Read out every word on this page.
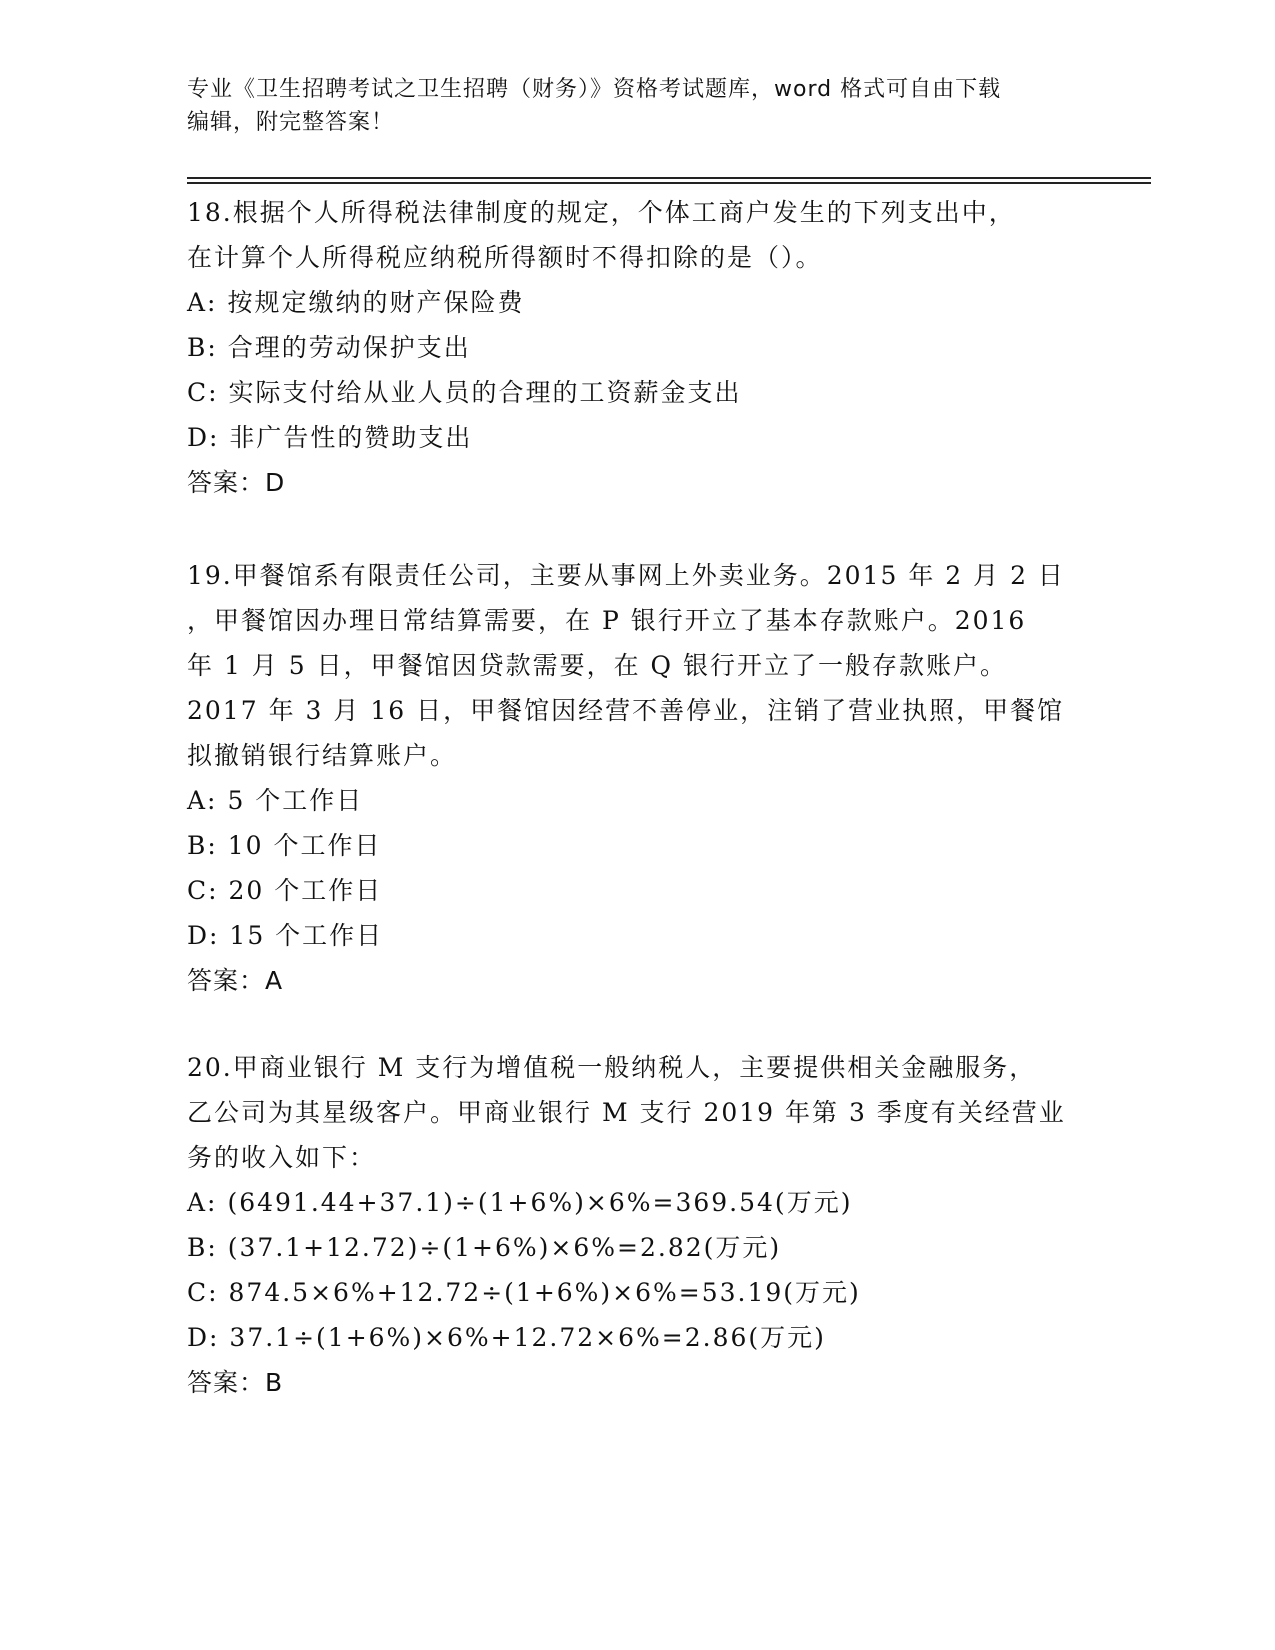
专业《卫生招聘考试之卫生招聘（财务）》资格考试题库，word 格式可自由下载
编辑，附完整答案！
18.根据个人所得税法律制度的规定，个体工商户发生的下列支出中，
在计算个人所得税应纳税所得额时不得扣除的是（）。
A: 按规定缴纳的财产保险费
B: 合理的劳动保护支出
C: 实际支付给从业人员的合理的工资薪金支出
D: 非广告性的赞助支出
答案：D
19.甲餐馆系有限责任公司，主要从事网上外卖业务。2015 年 2 月 2 日
，甲餐馆因办理日常结算需要，在 P 银行开立了基本存款账户。2016
年 1 月 5 日，甲餐馆因贷款需要，在 Q 银行开立了一般存款账户。
2017 年 3 月 16 日，甲餐馆因经营不善停业，注销了营业执照，甲餐馆
拟撤销银行结算账户。
A: 5 个工作日
B: 10 个工作日
C: 20 个工作日
D: 15 个工作日
答案：A
20.甲商业银行 M 支行为增值税一般纳税人，主要提供相关金融服务，
乙公司为其星级客户。甲商业银行 M 支行 2019 年第 3 季度有关经营业
务的收入如下：
A: (6491.44+37.1)÷(1+6%)×6%=369.54(万元)
B: (37.1+12.72)÷(1+6%)×6%=2.82(万元)
C: 874.5×6%+12.72÷(1+6%)×6%=53.19(万元)
D: 37.1÷(1+6%)×6%+12.72×6%=2.86(万元)
答案：B
